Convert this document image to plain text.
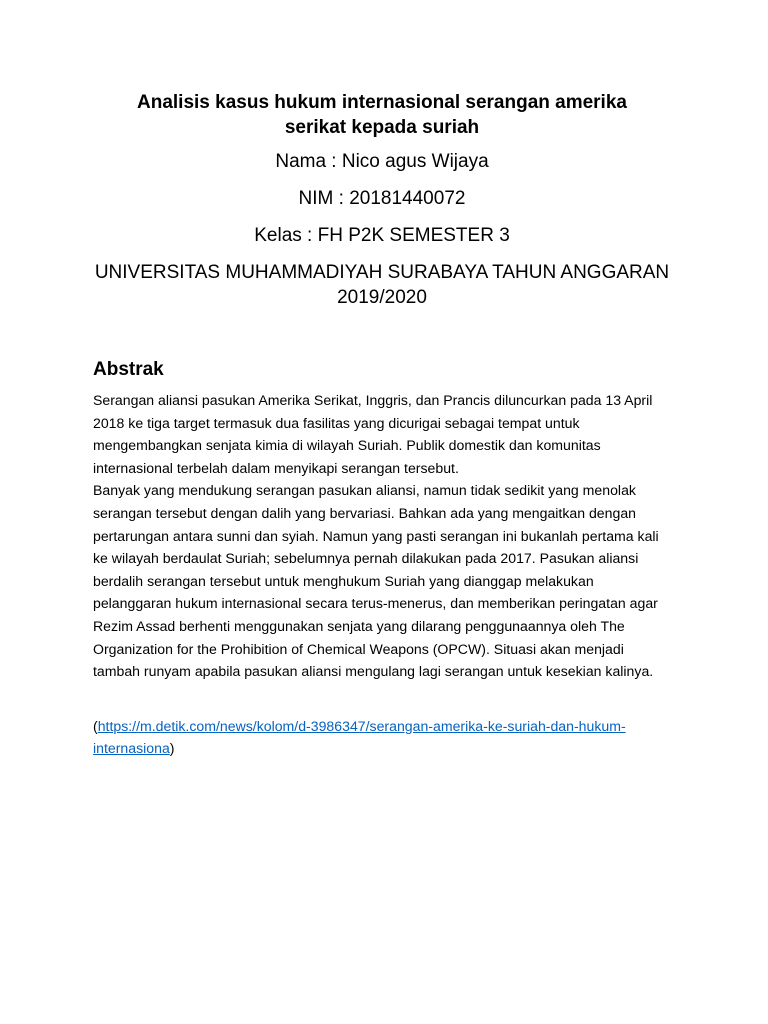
Analisis kasus hukum internasional serangan amerika serikat kepada suriah
Nama : Nico agus Wijaya
NIM : 20181440072
Kelas : FH P2K SEMESTER 3
UNIVERSITAS MUHAMMADIYAH SURABAYA TAHUN ANGGARAN 2019/2020
Abstrak

Serangan aliansi pasukan Amerika Serikat, Inggris, dan Prancis diluncurkan pada 13 April 2018 ke tiga target termasuk dua fasilitas yang dicurigai sebagai tempat untuk mengembangkan senjata kimia di wilayah Suriah. Publik domestik dan komunitas internasional terbelah dalam menyikapi serangan tersebut.

Banyak yang mendukung serangan pasukan aliansi, namun tidak sedikit yang menolak serangan tersebut dengan dalih yang bervariasi. Bahkan ada yang mengaitkan dengan pertarungan antara sunni dan syiah. Namun yang pasti serangan ini bukanlah pertama kali ke wilayah berdaulat Suriah; sebelumnya pernah dilakukan pada 2017. Pasukan aliansi berdalih serangan tersebut untuk menghukum Suriah yang dianggap melakukan pelanggaran hukum internasional secara terus-menerus, dan memberikan peringatan agar Rezim Assad berhenti menggunakan senjata yang dilarang penggunaannya oleh The Organization for the Prohibition of Chemical Weapons (OPCW). Situasi akan menjadi tambah runyam apabila pasukan aliansi mengulang lagi serangan untuk kesekian kalinya.

(https://m.detik.com/news/kolom/d-3986347/serangan-amerika-ke-suriah-dan-hukum-internasiona)
